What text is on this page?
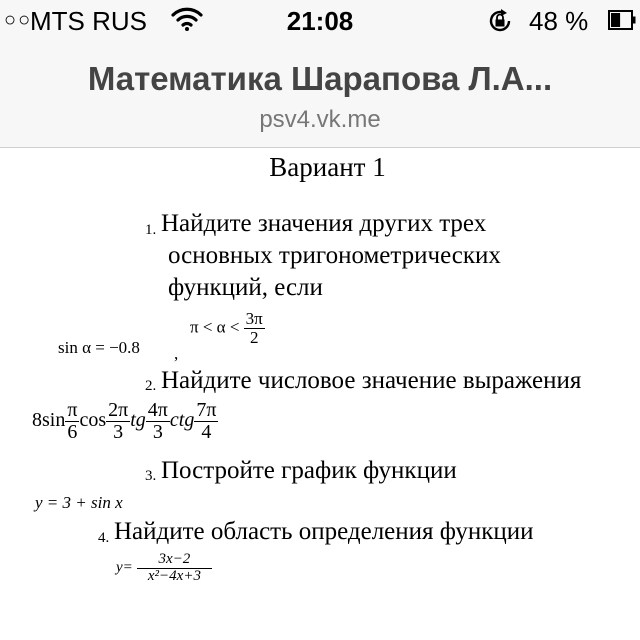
○○
MTS RUS	21:08	48 %
Математика Шарапова Л.А...
psv4.vk.me
Вариант 1
1. Найдите значения других трех
основных тригонометрических
функций, если
sin α = −0.8 ,
$\pi < \alpha < \frac{3\pi}{2}$
2. Найдите числовое значение выражения
$8\sin \frac{\pi}{6}$ $\cos \frac{2\pi}{3}$ tg $\frac{4\pi}{3}$ ctg $\frac{7\pi}{4}$
3. Постройте график функции
y = 3 + sin x
4. Найдите область определения функции
$y= \frac{3x-2}{\text{x²−4x+3}}$
